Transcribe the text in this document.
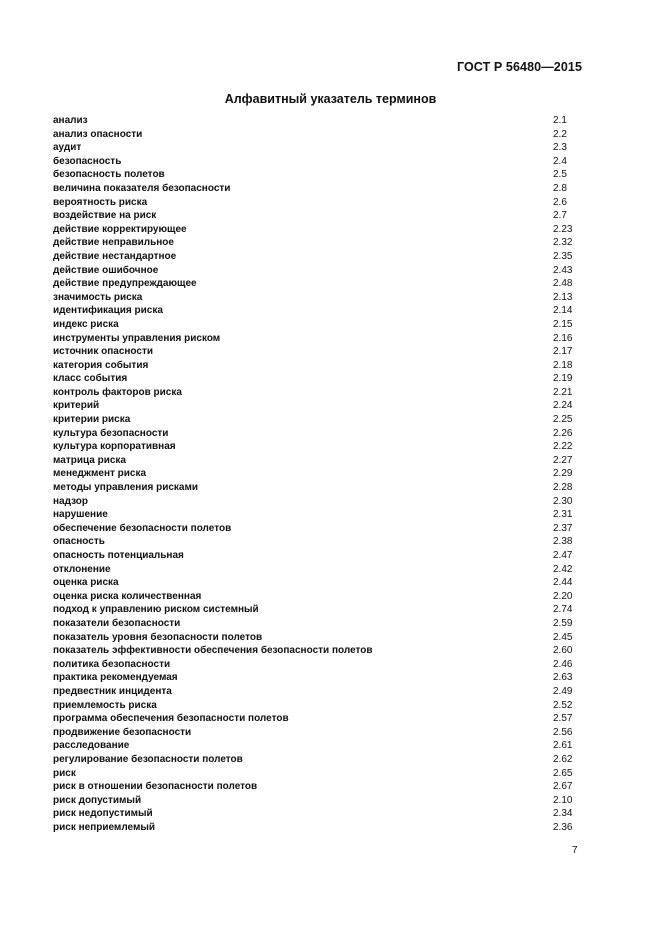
ГОСТ Р 56480—2015
Алфавитный указатель терминов
анализ	2.1
анализ опасности	2.2
аудит	2.3
безопасность	2.4
безопасность полетов	2.5
величина показателя безопасности	2.8
вероятность риска	2.6
воздействие на риск	2.7
действие корректирующее	2.23
действие неправильное	2.32
действие нестандартное	2.35
действие ошибочное	2.43
действие предупреждающее	2.48
значимость риска	2.13
идентификация риска	2.14
индекс риска	2.15
инструменты управления риском	2.16
источник опасности	2.17
категория события	2.18
класс события	2.19
контроль факторов риска	2.21
критерий	2.24
критерии риска	2.25
культура безопасности	2.26
культура корпоративная	2.22
матрица риска	2.27
менеджмент риска	2.29
методы управления рисками	2.28
надзор	2.30
нарушение	2.31
обеспечение безопасности полетов	2.37
опасность	2.38
опасность потенциальная	2.47
отклонение	2.42
оценка риска	2.44
оценка риска количественная	2.20
подход к управлению риском системный	2.74
показатели безопасности	2.59
показатель уровня безопасности полетов	2.45
показатель эффективности обеспечения безопасности полетов	2.60
политика безопасности	2.46
практика рекомендуемая	2.63
предвестник инцидента	2.49
приемлемость риска	2.52
программа обеспечения безопасности полетов	2.57
продвижение безопасности	2.56
расследование	2.61
регулирование безопасности полетов	2.62
риск	2.65
риск в отношении безопасности полетов	2.67
риск допустимый	2.10
риск недопустимый	2.34
риск неприемлемый	2.36
7
